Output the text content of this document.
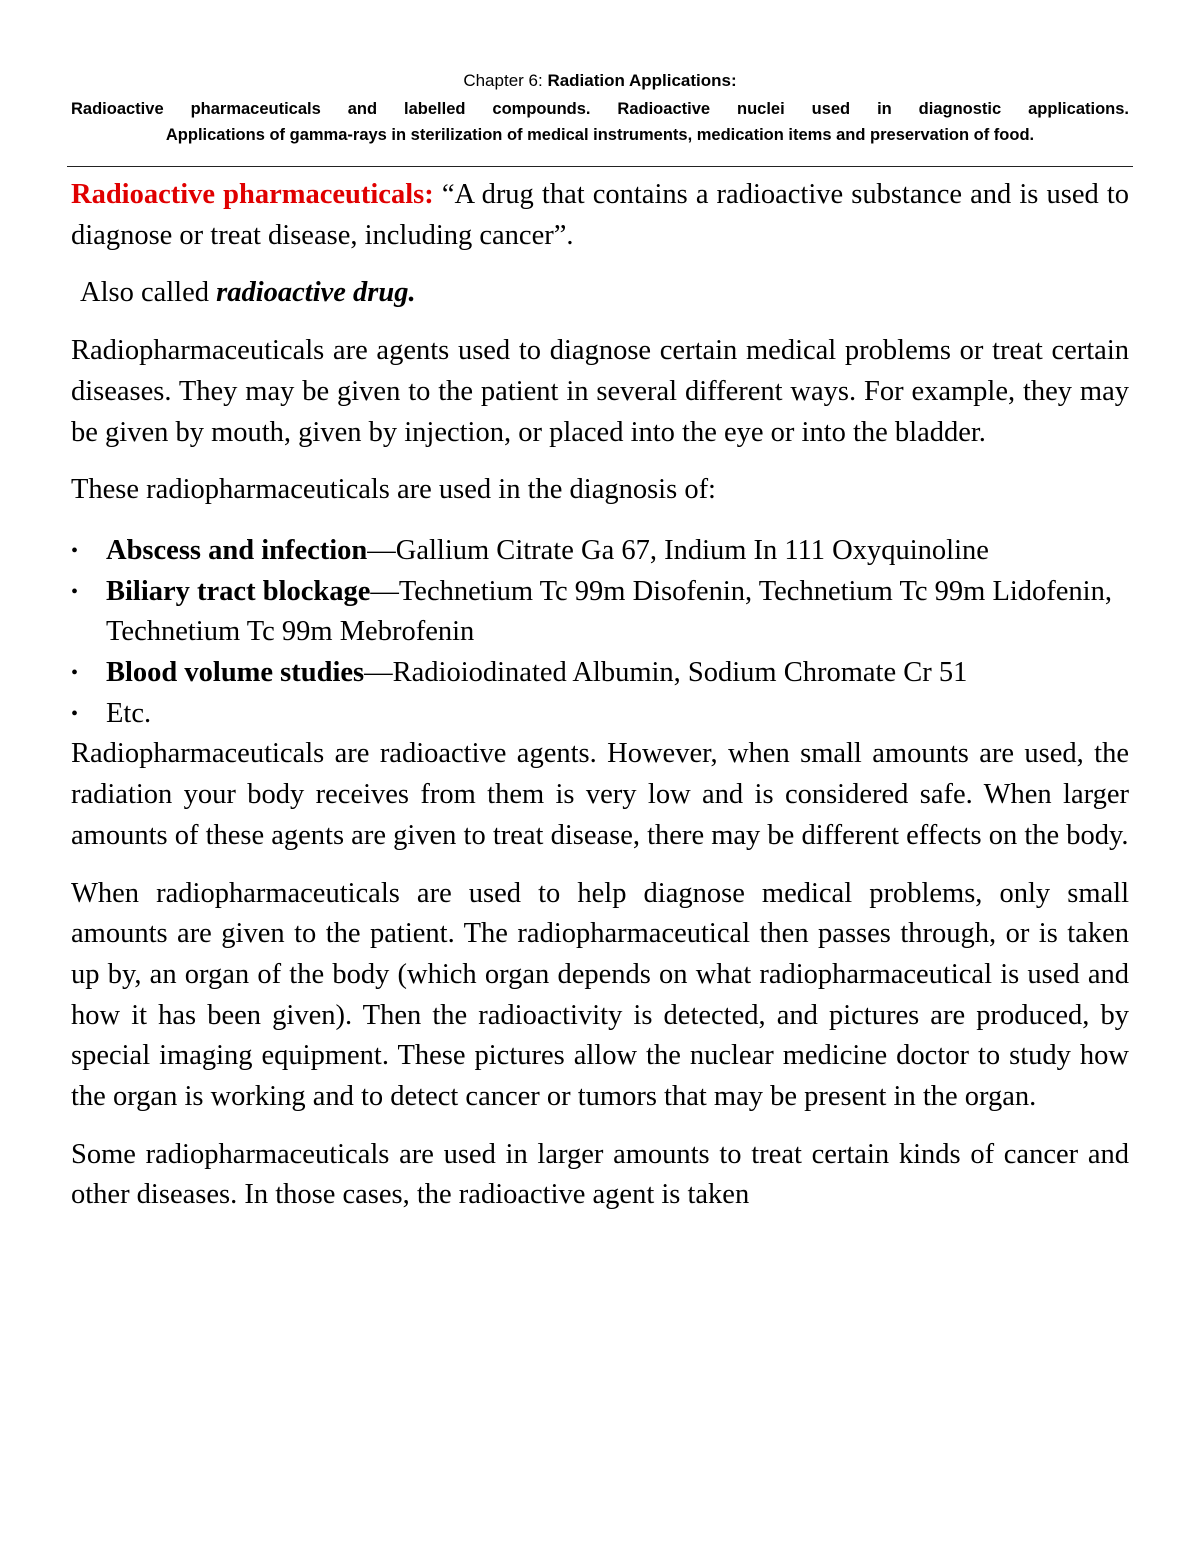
Chapter 6: Radiation Applications:
Radioactive pharmaceuticals and labelled compounds. Radioactive nuclei used in diagnostic applications.
Applications of gamma-rays in sterilization of medical instruments, medication items and preservation of food.

Radioactive pharmaceuticals: “A drug that contains a radioactive substance and is used to diagnose or treat disease, including cancer”.

Also called radioactive drug.

Radiopharmaceuticals are agents used to diagnose certain medical problems or treat certain diseases. They may be given to the patient in several different ways. For example, they may be given by mouth, given by injection, or placed into the eye or into the bladder.

These radiopharmaceuticals are used in the diagnosis of:

• Abscess and infection—Gallium Citrate Ga 67, Indium In 111 Oxyquinoline
• Biliary tract blockage—Technetium Tc 99m Disofenin, Technetium Tc 99m Lidofenin, Technetium Tc 99m Mebrofenin
• Blood volume studies—Radioiodinated Albumin, Sodium Chromate Cr 51
• Etc.

Radiopharmaceuticals are radioactive agents. However, when small amounts are used, the radiation your body receives from them is very low and is considered safe. When larger amounts of these agents are given to treat disease, there may be different effects on the body.

When radiopharmaceuticals are used to help diagnose medical problems, only small amounts are given to the patient. The radiopharmaceutical then passes through, or is taken up by, an organ of the body (which organ depends on what radiopharmaceutical is used and how it has been given). Then the radioactivity is detected, and pictures are produced, by special imaging equipment. These pictures allow the nuclear medicine doctor to study how the organ is working and to detect cancer or tumors that may be present in the organ.

Some radiopharmaceuticals are used in larger amounts to treat certain kinds of cancer and other diseases. In those cases, the radioactive agent is taken
